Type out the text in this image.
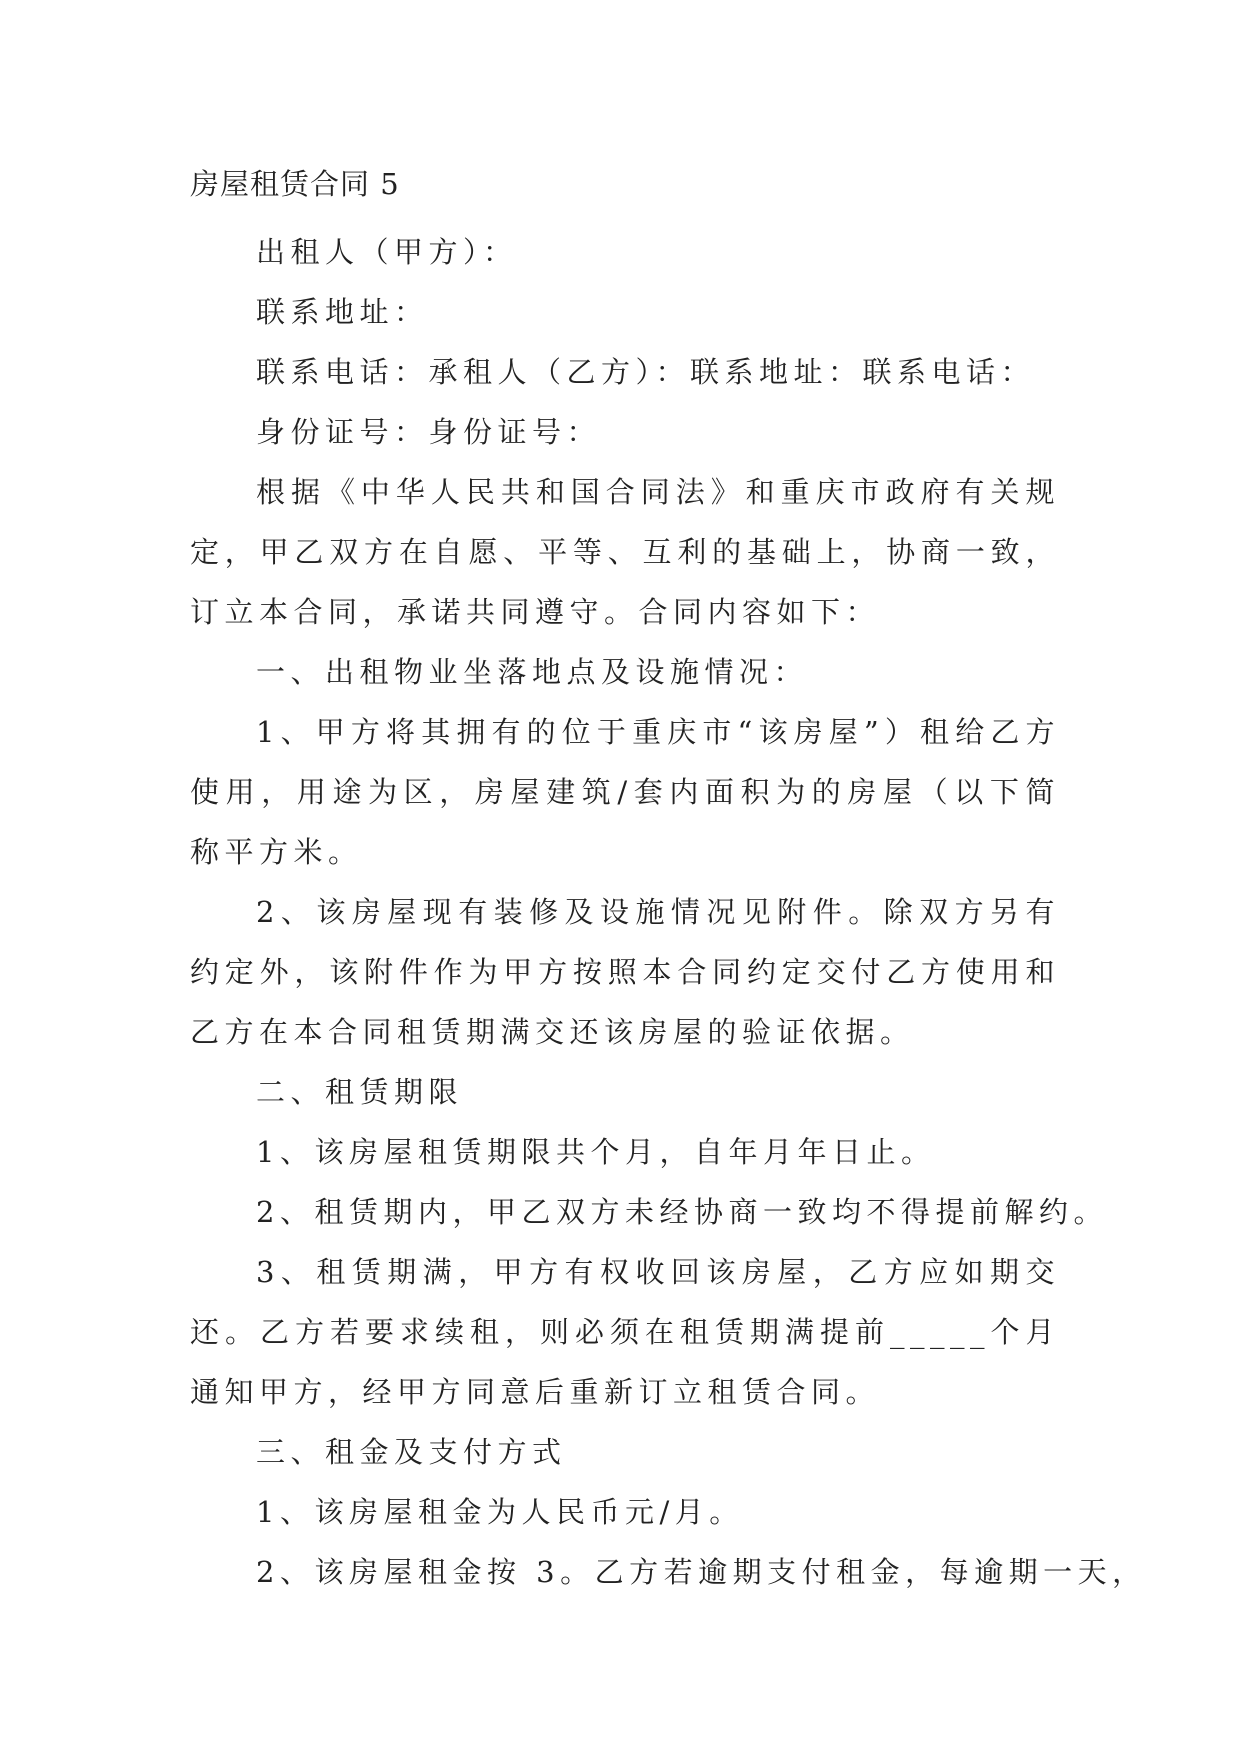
房屋租赁合同 5

出租人（甲方）：

联系地址：

联系电话：承租人（乙方）：联系地址：联系电话：

身份证号：身份证号：

根据《中华人民共和国合同法》和重庆市政府有关规定，甲乙双方在自愿、平等、互利的基础上，协商一致，订立本合同，承诺共同遵守。合同内容如下：

一、出租物业坐落地点及设施情况：

1、甲方将其拥有的位于重庆市“该房屋”）租给乙方使用，用途为区，房屋建筑/套内面积为的房屋（以下简称平方米。

2、该房屋现有装修及设施情况见附件。除双方另有约定外，该附件作为甲方按照本合同约定交付乙方使用和乙方在本合同租赁期满交还该房屋的验证依据。

二、租赁期限

1、该房屋租赁期限共个月，自年月年日止。

2、租赁期内，甲乙双方未经协商一致均不得提前解约。

3、租赁期满，甲方有权收回该房屋，乙方应如期交还。乙方若要求续租，则必须在租赁期满提前_____个月通知甲方，经甲方同意后重新订立租赁合同。

三、租金及支付方式

1、该房屋租金为人民币元/月。

2、该房屋租金按 3。乙方若逾期支付租金，每逾期一天，
